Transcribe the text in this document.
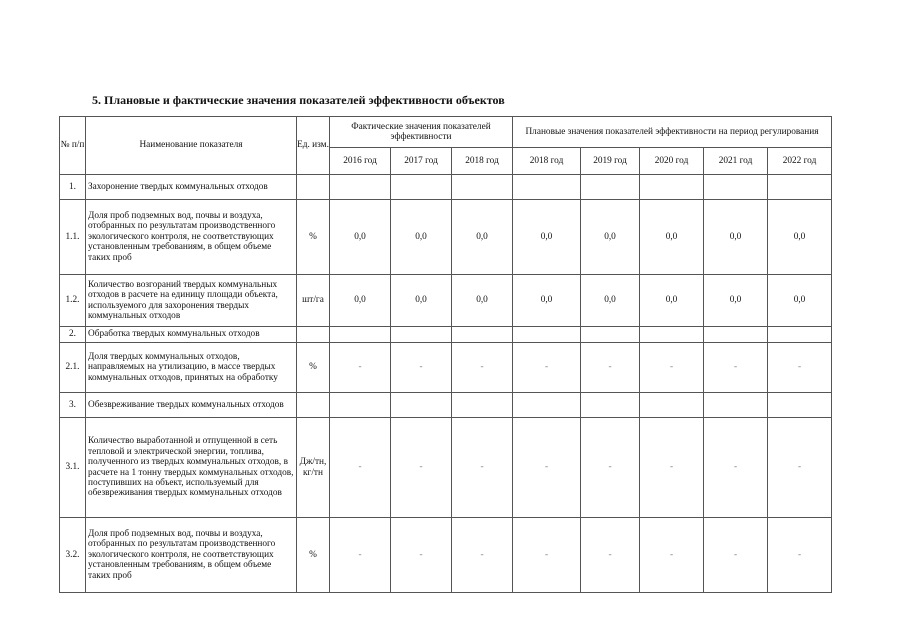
5. Плановые и фактические значения показателей эффективности объектов
№ п/п	Наименование показателя	Ед. изм.	Фактические значения показателей эффективности			Плановые значения показателей эффективности на период регулирования				
			2016 год	2017 год	2018 год	2018 год	2019 год	2020 год	2021 год	2022 год
1.	Захоронение твердых коммунальных отходов									
1.1.	Доля проб подземных вод, почвы и воздуха, отобранных по результатам производственного экологического контроля, не соответствующих установленным требованиям, в общем объеме таких проб	%	0,0	0,0	0,0	0,0	0,0	0,0	0,0	0,0
1.2.	Количество возгораний твердых коммунальных отходов в расчете на единицу площади объекта, используемого для захоронения твердых коммунальных отходов	шт/га	0,0	0,0	0,0	0,0	0,0	0,0	0,0	0,0
2.	Обработка твердых коммунальных отходов									
2.1.	Доля твердых коммунальных отходов, направляемых на утилизацию, в массе твердых коммунальных отходов, принятых на обработку	%	-	-	-	-	-	-	-	-
3.	Обезвреживание твердых коммунальных отходов									
3.1.	Количество выработанной и отпущенной в сеть тепловой и электрической энергии, топлива, полученного из твердых коммунальных отходов, в расчете на 1 тонну твердых коммунальных отходов, поступивших на объект, используемый для обезвреживания твердых коммунальных отходов	Дж/тн, кг/тн	-	-	-	-	-	-	-	-
3.2.	Доля проб подземных вод, почвы и воздуха, отобранных по результатам производственного экологического контроля, не соответствующих установленным требованиям, в общем объеме таких проб	%	-	-	-	-	-	-	-	-
